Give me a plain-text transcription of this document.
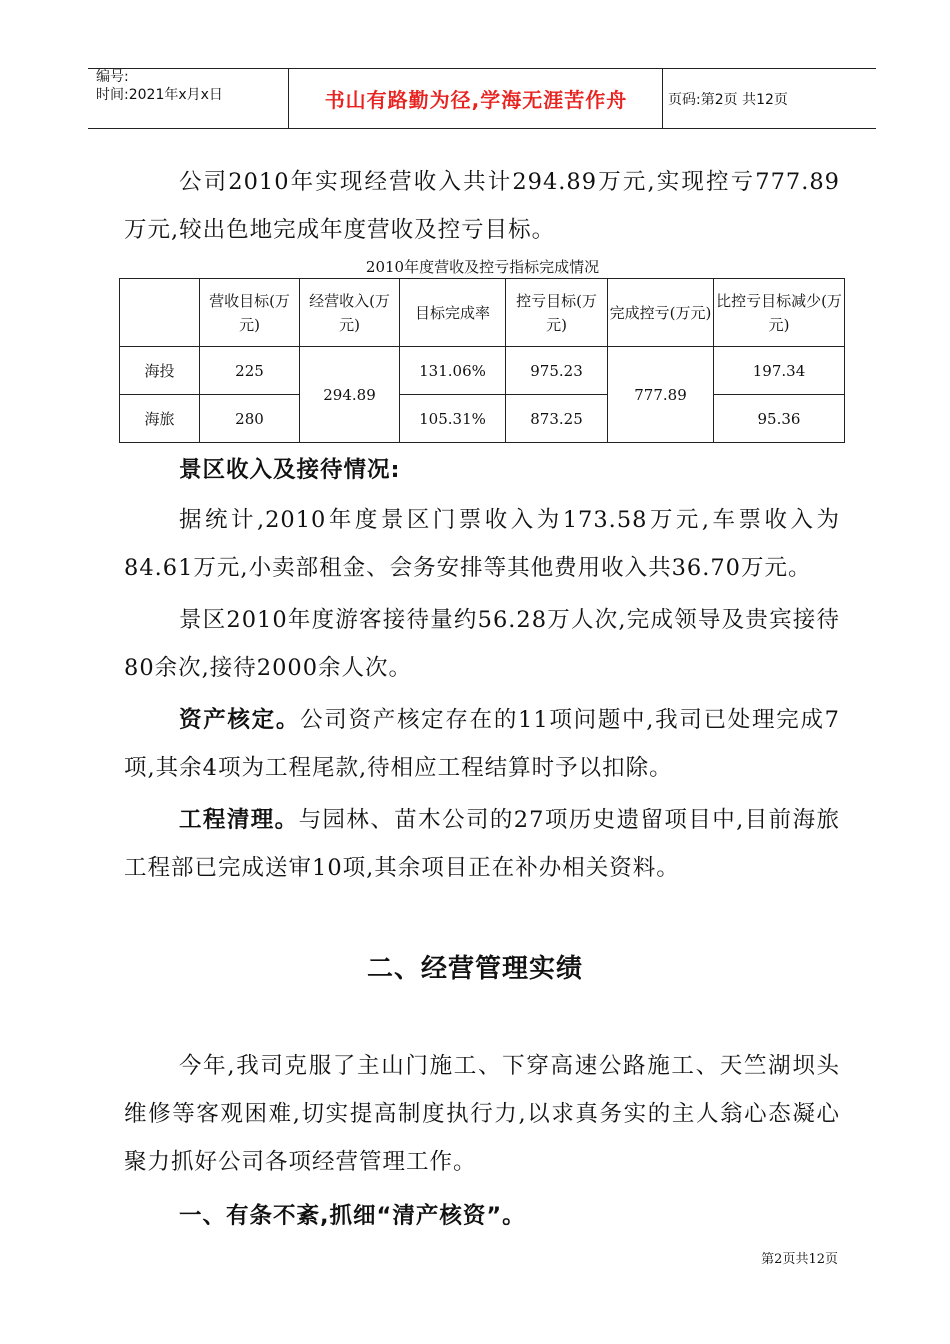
编号:
时间:2021年x月x日	书山有路勤为径,学海无涯苦作舟	页码:第2页 共12页
公司2010年实现经营收入共计294.89万元,实现控亏777.89万元,较出色地完成年度营收及控亏目标。
2010年度营收及控亏指标完成情况
	营收目标(万元)	经营收入(万元)	目标完成率	控亏目标(万元)	完成控亏(万元)	比控亏目标减少(万元)
海投	225	294.89	131.06%	975.23	777.89	197.34
海旅	280		105.31%	873.25		95.36
景区收入及接待情况:
据统计,2010年度景区门票收入为173.58万元,车票收入为84.61万元,小卖部租金、会务安排等其他费用收入共36.70万元。
景区2010年度游客接待量约56.28万人次,完成领导及贵宾接待80余次,接待2000余人次。
资产核定。公司资产核定存在的11项问题中,我司已处理完成7项,其余4项为工程尾款,待相应工程结算时予以扣除。
工程清理。与园林、苗木公司的27项历史遗留项目中,目前海旅工程部已完成送审10项,其余项目正在补办相关资料。
二、经营管理实绩
今年,我司克服了主山门施工、下穿高速公路施工、天竺湖坝头维修等客观困难,切实提高制度执行力,以求真务实的主人翁心态凝心聚力抓好公司各项经营管理工作。
一、有条不紊,抓细“清产核资”。
第2页共12页
